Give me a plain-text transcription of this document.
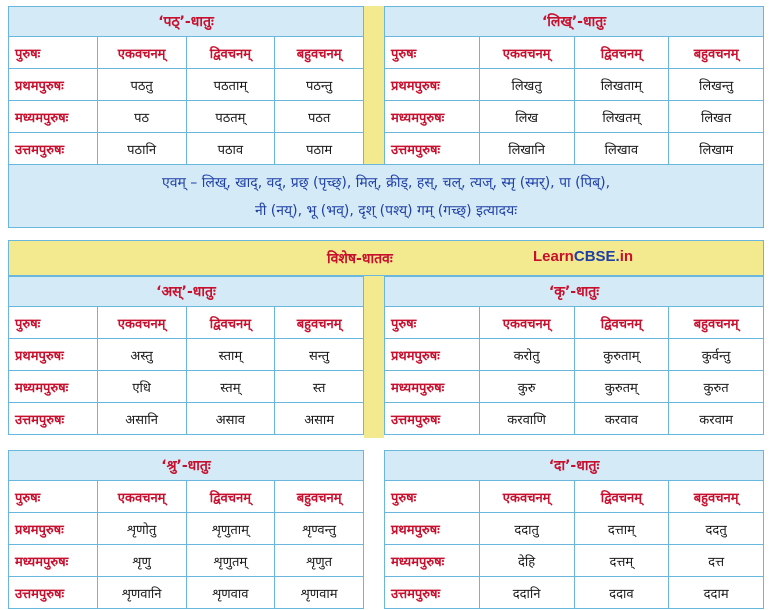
‘पठ्’-धातुः			
पुरुषः	एकवचनम्	द्विवचनम्	बहुवचनम्
प्रथमपुरुषः	पठतु	पठताम्	पठन्तु
मध्यमपुरुषः	पठ	पठतम्	पठत
उत्तमपुरुषः	पठानि	पठाव	पठाम
‘लिख्’-धातुः			
पुरुषः	एकवचनम्	द्विवचनम्	बहुवचनम्
प्रथमपुरुषः	लिखतु	लिखताम्	लिखन्तु
मध्यमपुरुषः	लिख	लिखतम्	लिखत
उत्तमपुरुषः	लिखानि	लिखाव	लिखाम
एवम् – लिख्, खाद्, वद्, प्रछ् (पृच्छ्), मिल्, क्रीड्, हस्, चल्, त्यज्, स्मृ (स्मर्), पा (पिब्),
नी (नय्), भू (भव्), दृश् (पश्य्) गम् (गच्छ्) इत्यादयः
विशेष-धातवः	LearnCBSE.in
‘अस्’-धातुः			
पुरुषः	एकवचनम्	द्विवचनम्	बहुवचनम्
प्रथमपुरुषः	अस्तु	स्ताम्	सन्तु
मध्यमपुरुषः	एधि	स्तम्	स्त
उत्तमपुरुषः	असानि	असाव	असाम
‘कृ’-धातुः			
पुरुषः	एकवचनम्	द्विवचनम्	बहुवचनम्
प्रथमपुरुषः	करोतु	कुरुताम्	कुर्वन्तु
मध्यमपुरुषः	कुरु	कुरुतम्	कुरुत
उत्तमपुरुषः	करवाणि	करवाव	करवाम
‘श्रु’-धातुः			
पुरुषः	एकवचनम्	द्विवचनम्	बहुवचनम्
प्रथमपुरुषः	शृणोतु	शृणुताम्	शृण्वन्तु
मध्यमपुरुषः	शृणु	शृणुतम्	शृणुत
उत्तमपुरुषः	शृणवानि	शृणवाव	शृणवाम
‘दा’-धातुः			
पुरुषः	एकवचनम्	द्विवचनम्	बहुवचनम्
प्रथमपुरुषः	ददातु	दत्ताम्	ददतु
मध्यमपुरुषः	देहि	दत्तम्	दत्त
उत्तमपुरुषः	ददानि	ददाव	ददाम
